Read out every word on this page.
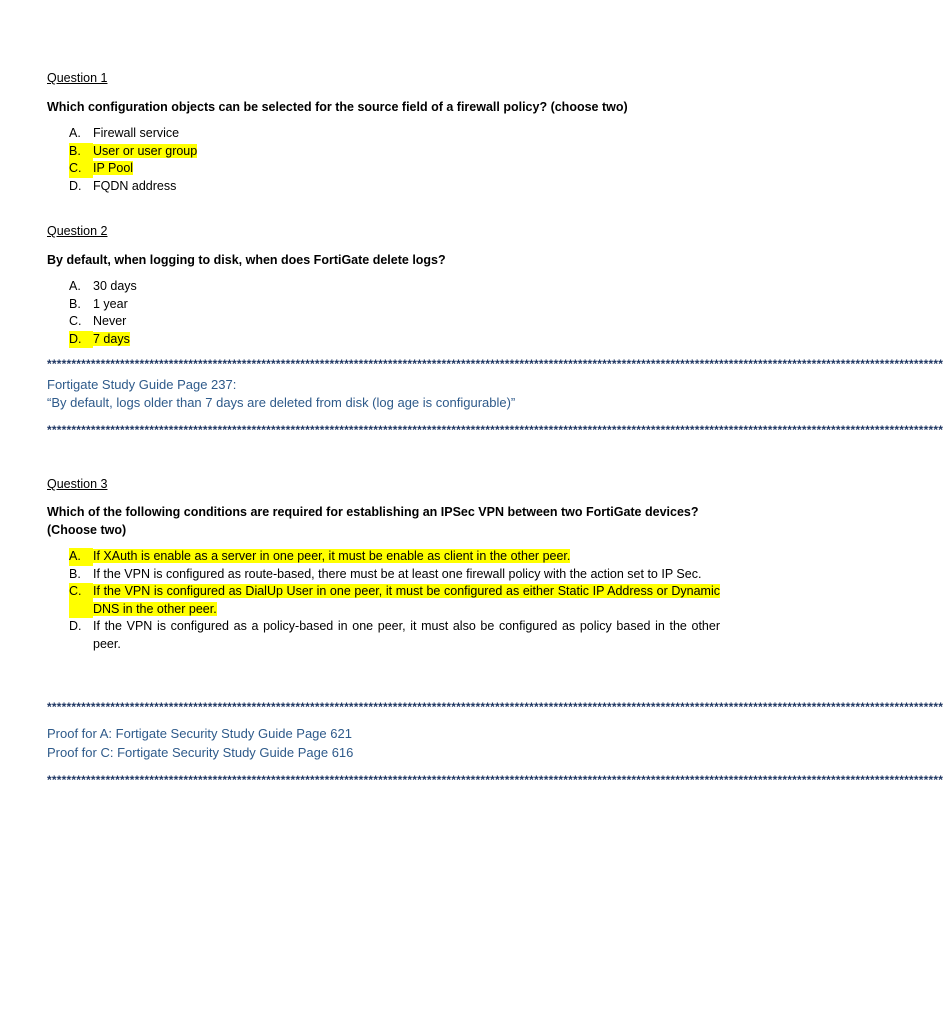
Question 1
Which configuration objects can be selected for the source field of a firewall policy? (choose two)
A. Firewall service
B. User or user group
C. IP Pool
D. FQDN address
Question 2
By default, when logging to disk, when does FortiGate delete logs?
A. 30 days
B. 1 year
C. Never
D. 7 days
****************************************************************************************************************************************************************************************
Fortigate Study Guide Page 237:
“By default, logs older than 7 days are deleted from disk (log age is configurable)”
****************************************************************************************************************************************************************************************
Question 3
Which of the following conditions are required for establishing an IPSec VPN between two FortiGate devices? (Choose two)
A. If XAuth is enable as a server in one peer, it must be enable as client in the other peer.
B. If the VPN is configured as route-based, there must be at least one firewall policy with the action set to IP Sec.
C. If the VPN is configured as DialUp User in one peer, it must be configured as either Static IP Address or Dynamic DNS in the other peer.
D. If the VPN is configured as a policy-based in one peer, it must also be configured as policy based in the other peer.
****************************************************************************************************************************************************************************************
Proof for A: Fortigate Security Study Guide Page 621
Proof for C: Fortigate Security Study Guide Page 616
****************************************************************************************************************************************************************************************
